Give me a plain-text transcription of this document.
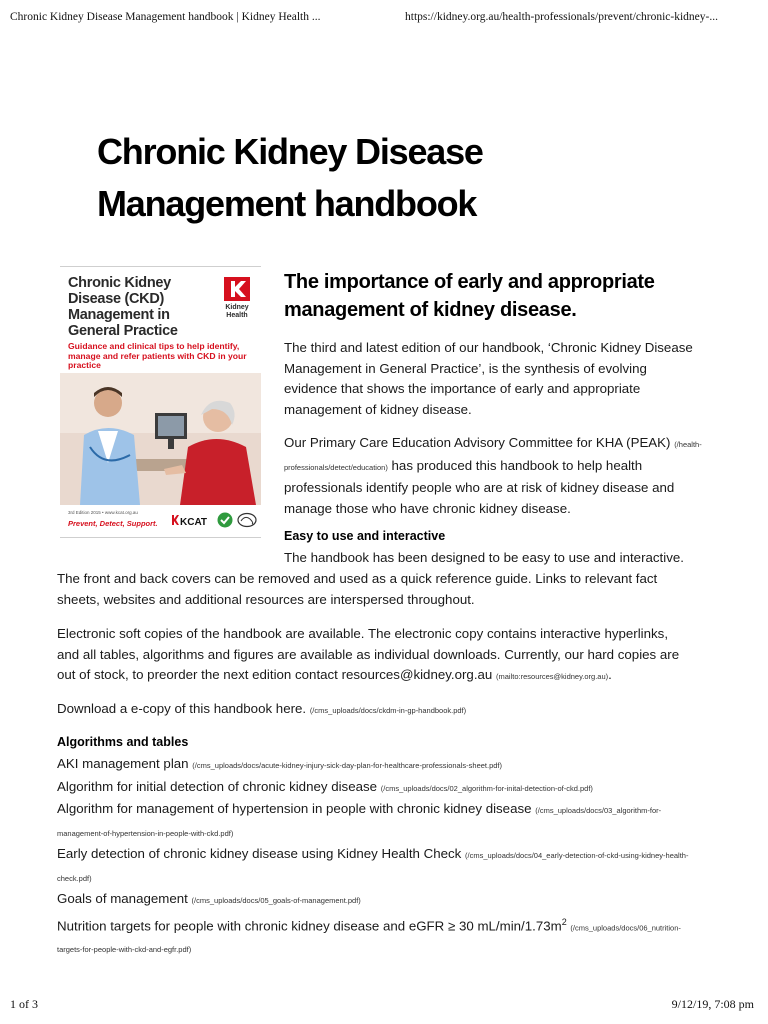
Chronic Kidney Disease Management handbook | Kidney Health ...	https://kidney.org.au/health-professionals/prevent/chronic-kidney-...
1 of 3	9/12/19, 7:08 pm
Chronic Kidney Disease
Management handbook
Chronic Kidney Disease (CKD) Management in General Practice
Kidney
Health
Guidance and clinical tips to help identify, manage and refer patients with CKD in your practice
3rd Edition 2015 • www.kcat.org.au
Prevent, Detect, Support. KCAT
The importance of early and appropriate
management of kidney disease.

The third and latest edition of our handbook, ‘Chronic Kidney Disease
Management in General Practice’, is the synthesis of evolving
evidence that shows the importance of early and appropriate
management of kidney disease.

Our Primary Care Education Advisory Committee for KHA (PEAK) (/health-
professionals/detect/education) has produced this handbook to help health
professionals identify people who are at risk of kidney disease and
manage those who have chronic kidney disease.

Easy to use and interactive

The handbook has been designed to be easy to use and interactive.

The front and back covers can be removed and used as a quick reference guide. Links to relevant fact
sheets, websites and additional resources are interspersed throughout.

Electronic soft copies of the handbook are available. The electronic copy contains interactive hyperlinks,
and all tables, algorithms and figures are available as individual downloads. Currently, our hard copies are
out of stock, to preorder the next edition contact resources@kidney.org.au (mailto:resources@kidney.org.au).

Download a e-copy of this handbook here. (/cms_uploads/docs/ckdm-in-gp-handbook.pdf)

Algorithms and tables

AKI management plan (/cms_uploads/docs/acute-kidney-injury-sick-day-plan-for-healthcare-professionals-sheet.pdf)
Algorithm for initial detection of chronic kidney disease (/cms_uploads/docs/02_algorithm-for-inital-detection-of-ckd.pdf)
Algorithm for management of hypertension in people with chronic kidney disease (/cms_uploads/docs/03_algorithm-for-
management-of-hypertension-in-people-with-ckd.pdf)
Early detection of chronic kidney disease using Kidney Health Check (/cms_uploads/docs/04_early-detection-of-ckd-using-kidney-health-
check.pdf)
Goals of management (/cms_uploads/docs/05_goals-of-management.pdf)
Nutrition targets for people with chronic kidney disease and eGFR ≥ 30 $mL/\min/1.73m^2$ (/cms_uploads/docs/06_nutrition-
targets-for-people-with-ckd-and-egfr.pdf)
